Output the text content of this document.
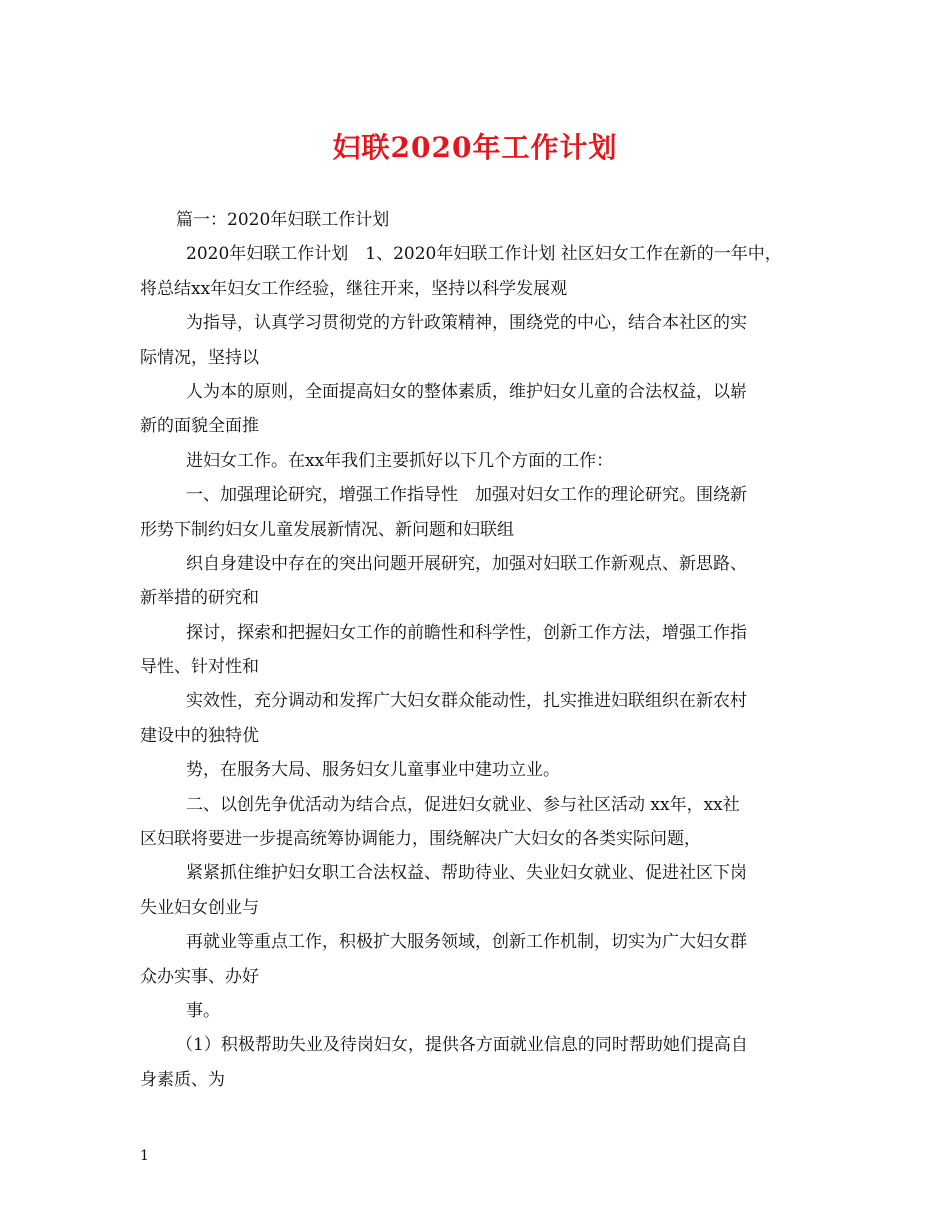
妇联2020年工作计划
篇一：2020年妇联工作计划
2020年妇联工作计划　1、2020年妇联工作计划 社区妇女工作在新的一年中，
将总结xx年妇女工作经验，继往开来，坚持以科学发展观
为指导，认真学习贯彻党的方针政策精神，围绕党的中心，结合本社区的实
际情况，坚持以
人为本的原则，全面提高妇女的整体素质，维护妇女儿童的合法权益，以崭
新的面貌全面推
进妇女工作。在xx年我们主要抓好以下几个方面的工作：
一、加强理论研究，增强工作指导性　加强对妇女工作的理论研究。围绕新
形势下制约妇女儿童发展新情况、新问题和妇联组
织自身建设中存在的突出问题开展研究，加强对妇联工作新观点、新思路、
新举措的研究和
探讨，探索和把握妇女工作的前瞻性和科学性，创新工作方法，增强工作指
导性、针对性和
实效性，充分调动和发挥广大妇女群众能动性，扎实推进妇联组织在新农村
建设中的独特优
势，在服务大局、服务妇女儿童事业中建功立业。
二、以创先争优活动为结合点，促进妇女就业、参与社区活动 xx年，xx社
区妇联将要进一步提高统筹协调能力，围绕解决广大妇女的各类实际问题，
紧紧抓住维护妇女职工合法权益、帮助待业、失业妇女就业、促进社区下岗
失业妇女创业与
再就业等重点工作，积极扩大服务领域，创新工作机制，切实为广大妇女群
众办实事、办好
事。
（1）积极帮助失业及待岗妇女，提供各方面就业信息的同时帮助她们提高自
身素质、为
1
